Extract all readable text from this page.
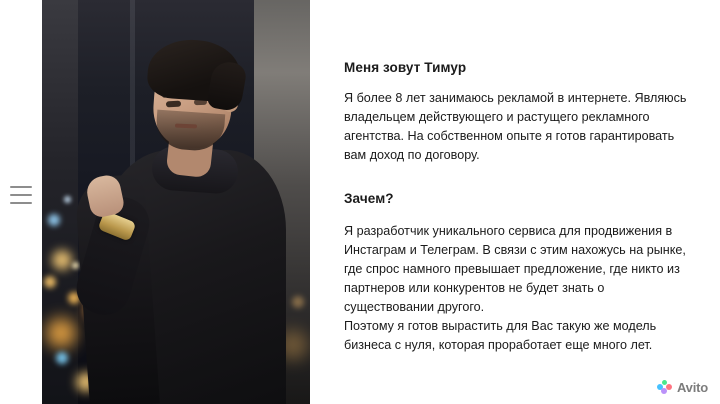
Меня зовут Тимур

Я более 8 лет занимаюсь рекламой в интернете. Являюсь владельцем действующего и растущего рекламного агентства. На собственном опыте я готов гарантировать вам доход по договору.

Зачем?

Я разработчик уникального сервиса для продвижения в Инстаграм и Телеграм. В связи с этим нахожусь на рынке, где спрос намного превышает предложение, где никто из партнеров или конкурентов не будет знать о существовании другого.

Поэтому я готов вырастить для Вас такую же модель бизнеса с нуля, которая проработает еще много лет.

Avito
